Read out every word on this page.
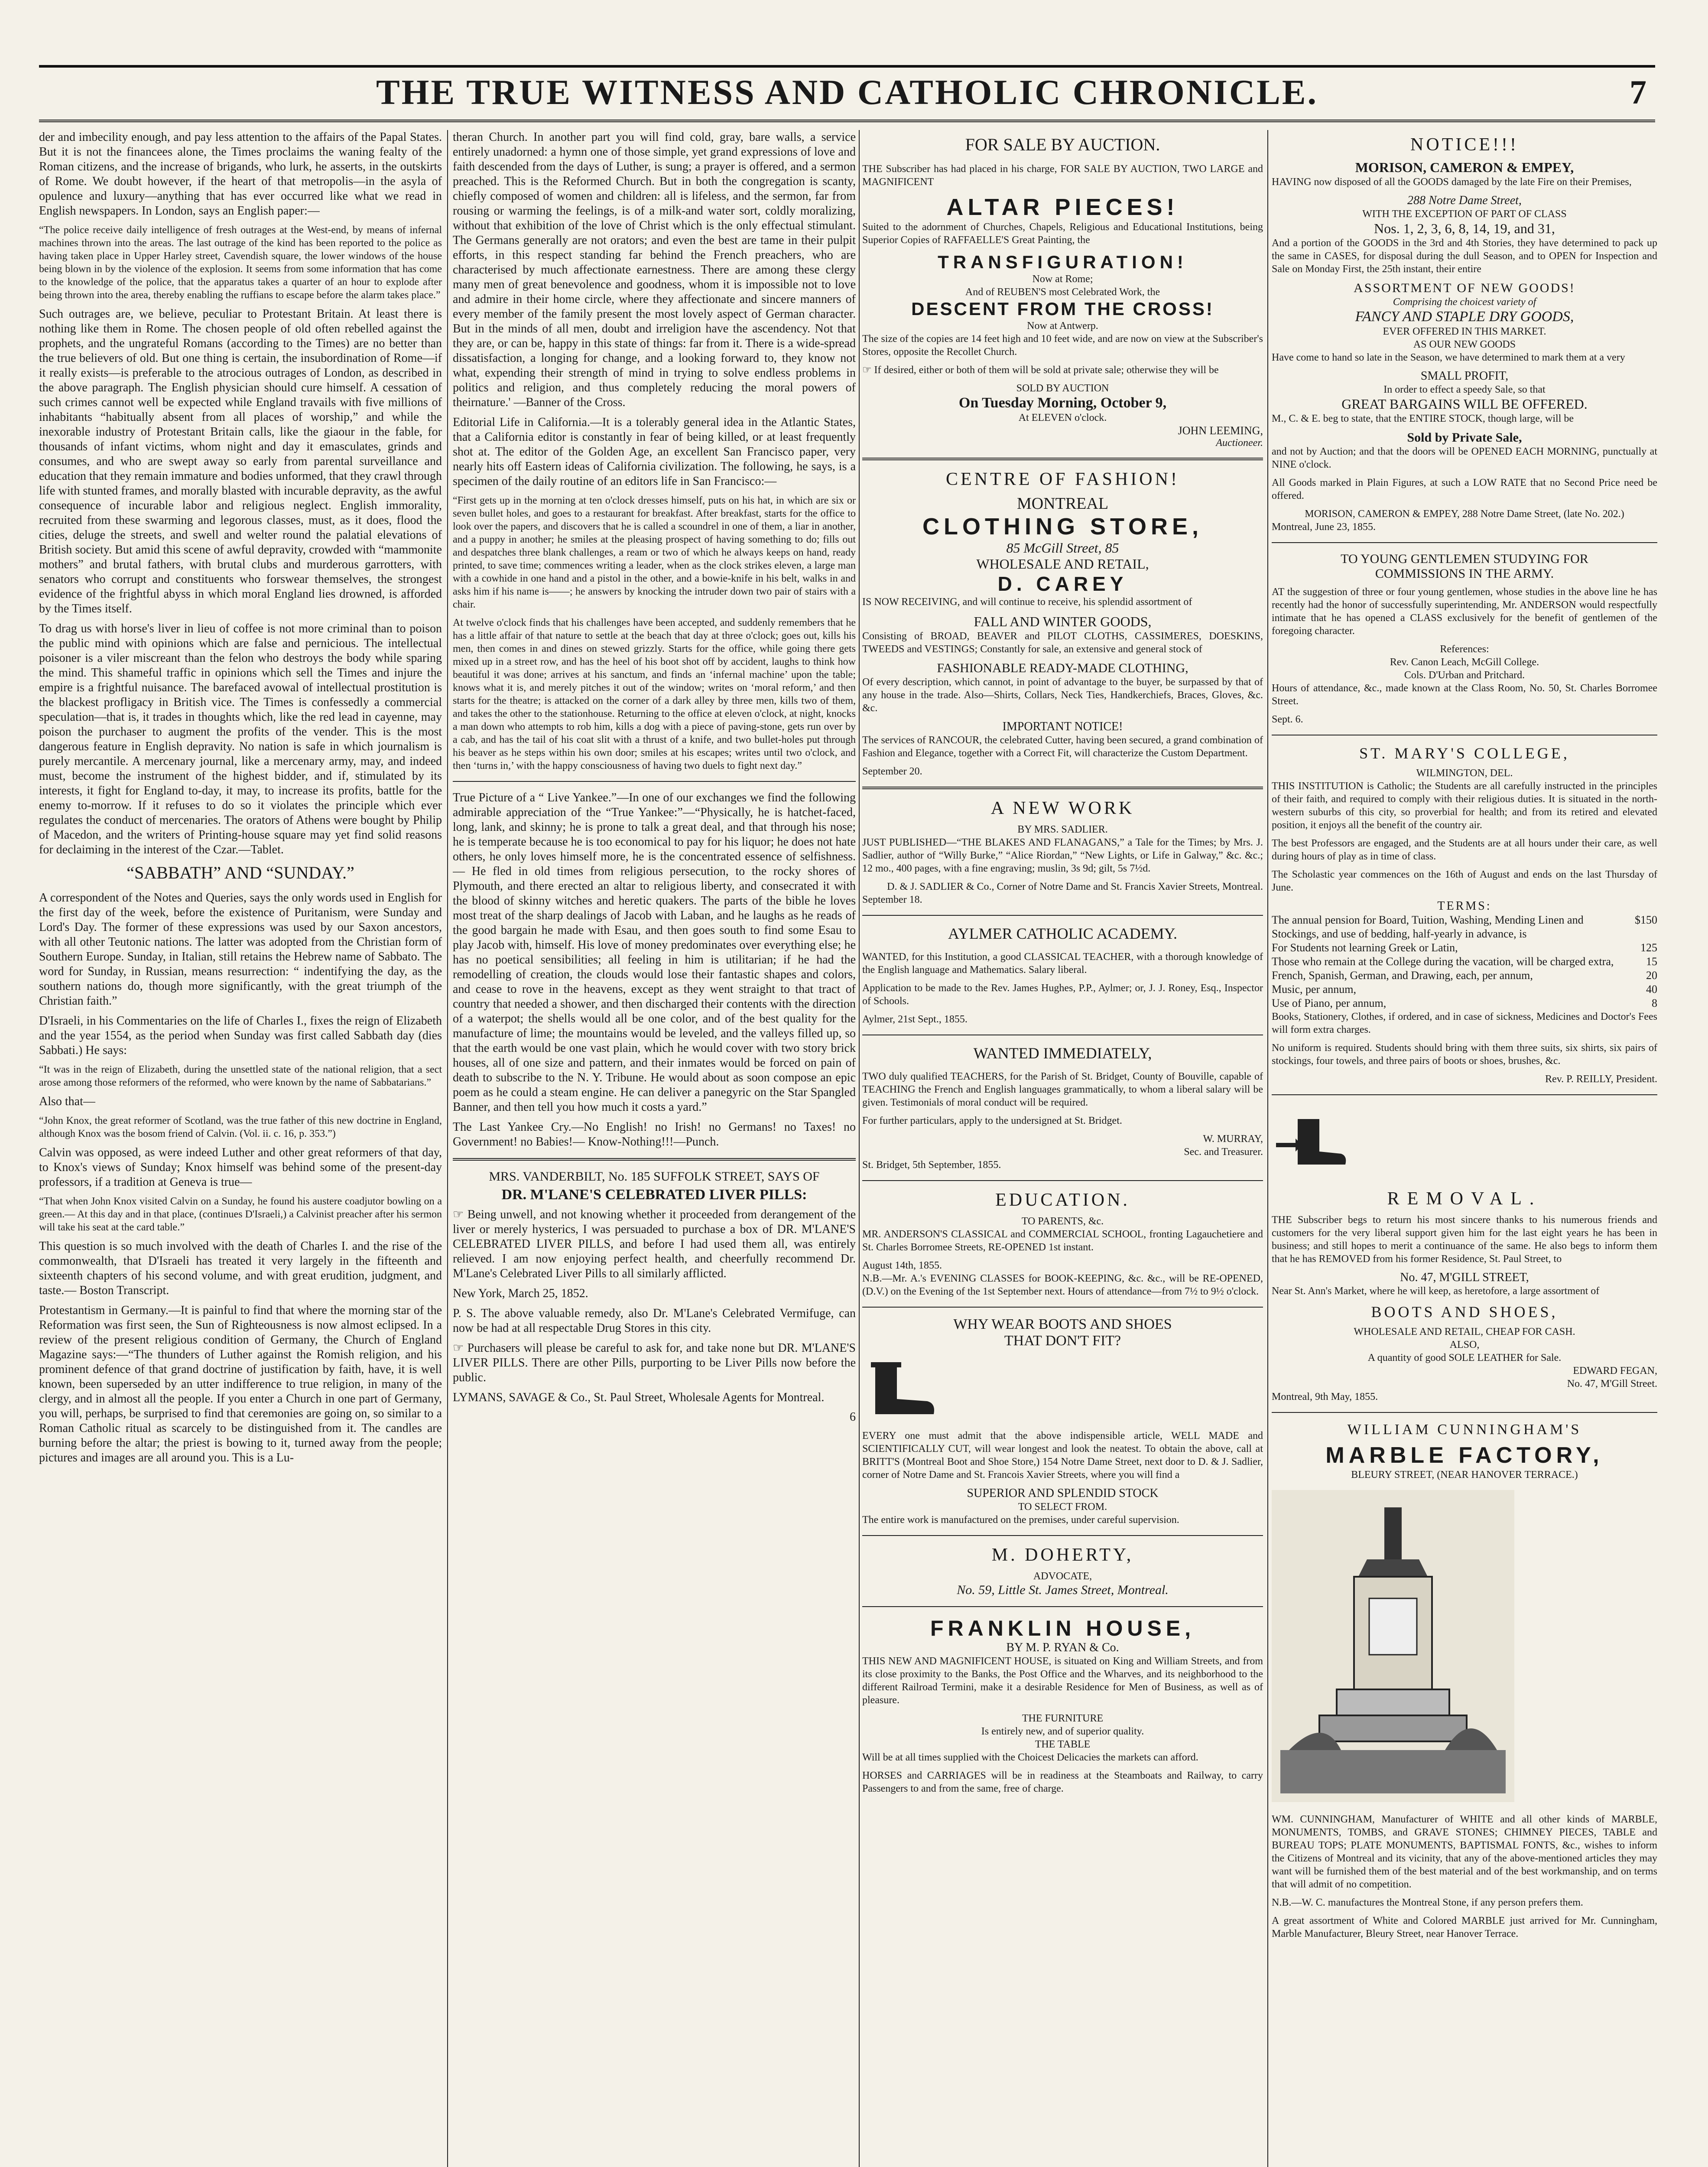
THE TRUE WITNESS AND CATHOLIC CHRONICLE.	7

der and imbecility enough, and pay less attention to the affairs of the Papal States. But it is not the financees alone, the Times proclaims the waning fealty of the Roman citizens, and the increase of brigands, who lurk, he asserts, in the outskirts of Rome. We doubt however, if the heart of that metropolis—in the asyla of opulence and luxury—anything that has ever occurred like what we read in English newspapers. In London, says an English paper:—

“The police receive daily intelligence of fresh outrages at the West-end, by means of infernal machines thrown into the areas. The last outrage of the kind has been reported to the police as having taken place in Upper Harley street, Cavendish square, the lower windows of the house being blown in by the violence of the explosion. It seems from some information that has come to the knowledge of the police, that the apparatus takes a quarter of an hour to explode after being thrown into the area, thereby enabling the ruffians to escape before the alarm takes place.”

Such outrages are, we believe, peculiar to Protestant Britain. At least there is nothing like them in Rome. The chosen people of old often rebelled against the prophets, and the ungrateful Romans (according to the Times) are no better than the true believers of old. But one thing is certain, the insubordination of Rome—if it really exists—is preferable to the atrocious outrages of London, as described in the above paragraph. The English physician should cure himself. A cessation of such crimes cannot well be expected while England travails with five millions of inhabitants “habitually absent from all places of worship,” and while the inexorable industry of Protestant Britain calls, like the giaour in the fable, for thousands of infant victims, whom night and day it emasculates, grinds and consumes, and who are swept away so early from parental surveillance and education that they remain immature and bodies unformed, that they crawl through life with stunted frames, and morally blasted with incurable depravity, as the awful consequence of incurable labor and religious neglect. English immorality, recruited from these swarming and legorous classes, must, as it does, flood the cities, deluge the streets, and swell and welter round the palatial elevations of British society. But amid this scene of awful depravity, crowded with “mammonite mothers” and brutal fathers, with brutal clubs and murderous garrotters, with senators who corrupt and constituents who forswear themselves, the strongest evidence of the frightful abyss in which moral England lies drowned, is afforded by the Times itself.

To drag us with horse's liver in lieu of coffee is not more criminal than to poison the public mind with opinions which are false and pernicious. The intellectual poisoner is a viler miscreant than the felon who destroys the body while sparing the mind. This shameful traffic in opinions which sell the Times and injure the empire is a frightful nuisance. The barefaced avowal of intellectual prostitution is the blackest profligacy in British vice. The Times is confessedly a commercial speculation—that is, it trades in thoughts which, like the red lead in cayenne, may poison the purchaser to augment the profits of the vender. This is the most dangerous feature in English depravity. No nation is safe in which journalism is purely mercantile. A mercenary journal, like a mercenary army, may, and indeed must, become the instrument of the highest bidder, and if, stimulated by its interests, it fight for England to-day, it may, to increase its profits, battle for the enemy to-morrow. If it refuses to do so it violates the principle which ever regulates the conduct of mercenaries. The orators of Athens were bought by Philip of Macedon, and the writers of Printing-house square may yet find solid reasons for declaiming in the interest of the Czar.—Tablet.

“SABBATH” AND “SUNDAY.”

A correspondent of the Notes and Queries, says the only words used in English for the first day of the week, before the existence of Puritanism, were Sunday and Lord's Day. The former of these expressions was used by our Saxon ancestors, with all other Teutonic nations. The latter was adopted from the Christian form of Southern Europe. Sunday, in Italian, still retains the Hebrew name of Sabbato. The word for Sunday, in Russian, means resurrection: “ indentifying the day, as the southern nations do, though more significantly, with the great triumph of the Christian faith.”

D'Israeli, in his Commentaries on the life of Charles I., fixes the reign of Elizabeth and the year 1554, as the period when Sunday was first called Sabbath day (dies Sabbati.) He says:

“It was in the reign of Elizabeth, during the unsettled state of the national religion, that a sect arose among those reformers of the reformed, who were known by the name of Sabbatarians.”

Also that—

“John Knox, the great reformer of Scotland, was the true father of this new doctrine in England, although Knox was the bosom friend of Calvin. (Vol. ii. c. 16, p. 353.”)

Calvin was opposed, as were indeed Luther and other great reformers of that day, to Knox's views of Sunday; Knox himself was behind some of the present-day professors, if a tradition at Geneva is true—

“That when John Knox visited Calvin on a Sunday, he found his austere coadjutor bowling on a green.— At this day and in that place, (continues D'Israeli,) a Calvinist preacher after his sermon will take his seat at the card table.”

This question is so much involved with the death of Charles I. and the rise of the commonwealth, that D'Israeli has treated it very largely in the fifteenth and sixteenth chapters of his second volume, and with great erudition, judgment, and taste.— Boston Transcript.

Protestantism in Germany.—It is painful to find that where the morning star of the Reformation was first seen, the Sun of Righteousness is now almost eclipsed. In a review of the present religious condition of Germany, the Church of England Magazine says:—“The thunders of Luther against the Romish religion, and his prominent defence of that grand doctrine of justification by faith, have, it is well known, been superseded by an utter indifference to true religion, in many of the clergy, and in almost all the people. If you enter a Church in one part of Germany, you will, perhaps, be surprised to find that ceremonies are going on, so similar to a Roman Catholic ritual as scarcely to be distinguished from it. The candles are burning before the altar; the priest is bowing to it, turned away from the people; pictures and images are all around you. This is a Lu-

theran Church. In another part you will find cold, gray, bare walls, a service entirely unadorned: a hymn one of those simple, yet grand expressions of love and faith descended from the days of Luther, is sung; a prayer is offered, and a sermon preached. This is the Reformed Church. But in both the congregation is scanty, chiefly composed of women and children: all is lifeless, and the sermon, far from rousing or warming the feelings, is of a milk-and water sort, coldly moralizing, without that exhibition of the love of Christ which is the only effectual stimulant. The Germans generally are not orators; and even the best are tame in their pulpit efforts, in this respect standing far behind the French preachers, who are characterised by much affectionate earnestness. There are among these clergy many men of great benevolence and goodness, whom it is impossible not to love and admire in their home circle, where they affectionate and sincere manners of every member of the family present the most lovely aspect of German character. But in the minds of all men, doubt and irreligion have the ascendency. Not that they are, or can be, happy in this state of things: far from it. There is a wide-spread dissatisfaction, a longing for change, and a looking forward to, they know not what, expending their strength of mind in trying to solve endless problems in politics and religion, and thus completely reducing the moral powers of theirnature.' —Banner of the Cross.

Editorial Life in California.—It is a tolerably general idea in the Atlantic States, that a California editor is constantly in fear of being killed, or at least frequently shot at. The editor of the Golden Age, an excellent San Francisco paper, very nearly hits off Eastern ideas of California civilization. The following, he says, is a specimen of the daily routine of an editors life in San Francisco:—

“First gets up in the morning at ten o'clock dresses himself, puts on his hat, in which are six or seven bullet holes, and goes to a restaurant for breakfast. After breakfast, starts for the office to look over the papers, and discovers that he is called a scoundrel in one of them, a liar in another, and a puppy in another; he smiles at the pleasing prospect of having something to do; fills out and despatches three blank challenges, a ream or two of which he always keeps on hand, ready printed, to save time; commences writing a leader, when as the clock strikes eleven, a large man with a cowhide in one hand and a pistol in the other, and a bowie-knife in his belt, walks in and asks him if his name is——; he answers by knocking the intruder down two pair of stairs with a chair.

At twelve o'clock finds that his challenges have been accepted, and suddenly remembers that he has a little affair of that nature to settle at the beach that day at three o'clock; goes out, kills his men, then comes in and dines on stewed grizzly. Starts for the office, while going there gets mixed up in a street row, and has the heel of his boot shot off by accident, laughs to think how beautiful it was done; arrives at his sanctum, and finds an ‘infernal machine’ upon the table; knows what it is, and merely pitches it out of the window; writes on ‘moral reform,’ and then starts for the theatre; is attacked on the corner of a dark alley by three men, kills two of them, and takes the other to the stationhouse. Returning to the office at eleven o'clock, at night, knocks a man down who attempts to rob him, kills a dog with a piece of paving-stone, gets run over by a cab, and has the tail of his coat slit with a thrust of a knife, and two bullet-holes put through his beaver as he steps within his own door; smiles at his escapes; writes until two o'clock, and then ‘turns in,’ with the happy consciousness of having two duels to fight next day.”

True Picture of a “ Live Yankee.”—In one of our exchanges we find the following admirable appreciation of the “True Yankee:”—“Physically, he is hatchet-faced, long, lank, and skinny; he is prone to talk a great deal, and that through his nose; he is temperate because he is too economical to pay for his liquor; he does not hate others, he only loves himself more, he is the concentrated essence of selfishness.— He fled in old times from religious persecution, to the rocky shores of Plymouth, and there erected an altar to religious liberty, and consecrated it with the blood of skinny witches and heretic quakers. The parts of the bible he loves most treat of the sharp dealings of Jacob with Laban, and he laughs as he reads of the good bargain he made with Esau, and then goes south to find some Esau to play Jacob with, himself. His love of money predominates over everything else; he has no poetical sensibilities; all feeling in him is utilitarian; if he had the remodelling of creation, the clouds would lose their fantastic shapes and colors, and cease to rove in the heavens, except as they went straight to that tract of country that needed a shower, and then discharged their contents with the direction of a waterpot; the shells would all be one color, and of the best quality for the manufacture of lime; the mountains would be leveled, and the valleys filled up, so that the earth would be one vast plain, which he would cover with two story brick houses, all of one size and pattern, and their inmates would be forced on pain of death to subscribe to the N. Y. Tribune. He would about as soon compose an epic poem as he could a steam engine. He can deliver a panegyric on the Star Spangled Banner, and then tell you how much it costs a yard.”

The Last Yankee Cry.—No English! no Irish! no Germans! no Taxes! no Government! no Babies!— Know-Nothing!!!—Punch.

MRS. VANDERBILT, No. 185 SUFFOLK STREET, SAYS OF
DR. M'LANE'S CELEBRATED LIVER PILLS:

☞ Being unwell, and not knowing whether it proceeded from derangement of the liver or merely hysterics, I was persuaded to purchase a box of DR. M'LANE'S CELEBRATED LIVER PILLS, and before I had used them all, was entirely relieved. I am now enjoying perfect health, and cheerfully recommend Dr. M'Lane's Celebrated Liver Pills to all similarly afflicted.

New York, March 25, 1852.

P. S. The above valuable remedy, also Dr. M'Lane's Celebrated Vermifuge, can now be had at all respectable Drug Stores in this city.

☞ Purchasers will please be careful to ask for, and take none but DR. M'LANE'S LIVER PILLS. There are other Pills, purporting to be Liver Pills now before the public.

LYMANS, SAVAGE & Co., St. Paul Street, Wholesale Agents for Montreal.

6
FOR SALE BY AUCTION.

THE Subscriber has had placed in his charge, FOR SALE BY AUCTION, TWO LARGE and MAGNIFICENT

ALTAR PIECES!

Suited to the adornment of Churches, Chapels, Religious and Educational Institutions, being Superior Copies of RAFFAELLE'S Great Painting, the

TRANSFIGURATION!
Now at Rome;
And of REUBEN'S most Celebrated Work, the
DESCENT FROM THE CROSS!
Now at Antwerp.

The size of the copies are 14 feet high and 10 feet wide, and are now on view at the Subscriber's Stores, opposite the Recollet Church.

☞ If desired, either or both of them will be sold at private sale; otherwise they will be

SOLD BY AUCTION
On Tuesday Morning, October 9,
At ELEVEN o'clock.
JOHN LEEMING,
Auctioneer.
CENTRE OF FASHION!
MONTREAL
CLOTHING STORE,
85 McGill Street, 85
WHOLESALE AND RETAIL,
D. CAREY

IS NOW RECEIVING, and will continue to receive, his splendid assortment of

FALL AND WINTER GOODS,

Consisting of BROAD, BEAVER and PILOT CLOTHS, CASSIMERES, DOESKINS, TWEEDS and VESTINGS; Constantly for sale, an extensive and general stock of

FASHIONABLE READY-MADE CLOTHING,

Of every description, which cannot, in point of advantage to the buyer, be surpassed by that of any house in the trade. Also—Shirts, Collars, Neck Ties, Handkerchiefs, Braces, Gloves, &c. &c.

IMPORTANT NOTICE!

The services of RANCOUR, the celebrated Cutter, having been secured, a grand combination of Fashion and Elegance, together with a Correct Fit, will characterize the Custom Department.

September 20.
A NEW WORK
BY MRS. SADLIER.

JUST PUBLISHED—“THE BLAKES AND FLANAGANS,” a Tale for the Times; by Mrs. J. Sadlier, author of “Willy Burke,” “Alice Riordan,” “New Lights, or Life in Galway,” &c. &c.; 12 mo., 400 pages, with a fine engraving; muslin, 3s 9d; gilt, 5s 7½d.

D. & J. SADLIER & Co., Corner of Notre Dame and St. Francis Xavier Streets, Montreal.
September 18.
AYLMER CATHOLIC ACADEMY.

WANTED, for this Institution, a good CLASSICAL TEACHER, with a thorough knowledge of the English language and Mathematics. Salary liberal.

Application to be made to the Rev. James Hughes, P.P., Aylmer; or, J. J. Roney, Esq., Inspector of Schools.

Aylmer, 21st Sept., 1855.
WANTED IMMEDIATELY,

TWO duly qualified TEACHERS, for the Parish of St. Bridget, County of Bouville, capable of TEACHING the French and English languages grammatically, to whom a liberal salary will be given. Testimonials of moral conduct will be required.

For further particulars, apply to the undersigned at St. Bridget.

W. MURRAY,
Sec. and Treasurer.
St. Bridget, 5th September, 1855.
EDUCATION.
TO PARENTS, &c.

MR. ANDERSON'S CLASSICAL and COMMERCIAL SCHOOL, fronting Lagauchetiere and St. Charles Borromee Streets, RE-OPENED 1st instant.

August 14th, 1855.

N.B.—Mr. A.'s EVENING CLASSES for BOOK-KEEPING, &c. &c., will be RE-OPENED, (D.V.) on the Evening of the 1st September next. Hours of attendance—from 7½ to 9½ o'clock.

WHY WEAR BOOTS AND SHOES
THAT DON'T FIT?

EVERY one must admit that the above indispensible article, WELL MADE and SCIENTIFICALLY CUT, will wear longest and look the neatest. To obtain the above, call at BRITT'S (Montreal Boot and Shoe Store,) 154 Notre Dame Street, next door to D. & J. Sadlier, corner of Notre Dame and St. Francois Xavier Streets, where you will find a

SUPERIOR AND SPLENDID STOCK
TO SELECT FROM.

The entire work is manufactured on the premises, under careful supervision.

M. DOHERTY,
ADVOCATE,
No. 59, Little St. James Street, Montreal.
FRANKLIN HOUSE,
BY M. P. RYAN & Co.

THIS NEW AND MAGNIFICENT HOUSE, is situated on King and William Streets, and from its close proximity to the Banks, the Post Office and the Wharves, and its neighborhood to the different Railroad Termini, make it a desirable Residence for Men of Business, as well as of pleasure.

THE FURNITURE
Is entirely new, and of superior quality.
THE TABLE

Will be at all times supplied with the Choicest Delicacies the markets can afford.

HORSES and CARRIAGES will be in readiness at the Steamboats and Railway, to carry Passengers to and from the same, free of charge.

NOTICE!!!
MORISON, CAMERON & EMPEY,

HAVING now disposed of all the GOODS damaged by the late Fire on their Premises,

288 Notre Dame Street,
WITH THE EXCEPTION OF PART OF CLASS
Nos. 1, 2, 3, 6, 8, 14, 19, and 31,

And a portion of the GOODS in the 3rd and 4th Stories, they have determined to pack up the same in CASES, for disposal during the dull Season, and to OPEN for Inspection and Sale on Monday First, the 25th instant, their entire

ASSORTMENT OF NEW GOODS!
Comprising the choicest variety of
FANCY AND STAPLE DRY GOODS,
EVER OFFERED IN THIS MARKET.
AS OUR NEW GOODS

Have come to hand so late in the Season, we have determined to mark them at a very

SMALL PROFIT,
In order to effect a speedy Sale, so that
GREAT BARGAINS WILL BE OFFERED.

M., C. & E. beg to state, that the ENTIRE STOCK, though large, will be

Sold by Private Sale,

and not by Auction; and that the doors will be OPENED EACH MORNING, punctually at NINE o'clock.

All Goods marked in Plain Figures, at such a LOW RATE that no Second Price need be offered.

MORISON, CAMERON & EMPEY, 288 Notre Dame Street, (late No. 202.)
Montreal, June 23, 1855.
TO YOUNG GENTLEMEN STUDYING FOR
COMMISSIONS IN THE ARMY.

AT the suggestion of three or four young gentlemen, whose studies in the above line he has recently had the honor of successfully superintending, Mr. ANDERSON would respectfully intimate that he has opened a CLASS exclusively for the benefit of gentlemen of the foregoing character.

References:
Rev. Canon Leach, McGill College.
Cols. D'Urban and Pritchard.

Hours of attendance, &c., made known at the Class Room, No. 50, St. Charles Borromee Street.

Sept. 6.
ST. MARY'S COLLEGE,
WILMINGTON, DEL.

THIS INSTITUTION is Catholic; the Students are all carefully instructed in the principles of their faith, and required to comply with their religious duties. It is situated in the north-western suburbs of this city, so proverbial for health; and from its retired and elevated position, it enjoys all the benefit of the country air.

The best Professors are engaged, and the Students are at all hours under their care, as well during hours of play as in time of class.

The Scholastic year commences on the 16th of August and ends on the last Thursday of June.

TERMS:
The annual pension for Board, Tuition, Washing, Mending Linen and Stockings, and use of bedding, half-yearly in advance, is
$150
For Students not learning Greek or Latin,	125
Those who remain at the College during the vacation, will be charged extra,	15
French, Spanish, German, and Drawing, each, per annum,	20
Music, per annum,	40
Use of Piano, per annum,	8

Books, Stationery, Clothes, if ordered, and in case of sickness, Medicines and Doctor's Fees will form extra charges.

No uniform is required. Students should bring with them three suits, six shirts, six pairs of stockings, four towels, and three pairs of boots or shoes, brushes, &c.

Rev. P. REILLY, President.
REMOVAL.

THE Subscriber begs to return his most sincere thanks to his numerous friends and customers for the very liberal support given him for the last eight years he has been in business; and still hopes to merit a continuance of the same. He also begs to inform them that he has REMOVED from his former Residence, St. Paul Street, to

No. 47, M'GILL STREET,

Near St. Ann's Market, where he will keep, as heretofore, a large assortment of

BOOTS AND SHOES,
WHOLESALE AND RETAIL, CHEAP FOR CASH.
ALSO,
A quantity of good SOLE LEATHER for Sale.
EDWARD FEGAN,
No. 47, M'Gill Street.
Montreal, 9th May, 1855.
WILLIAM CUNNINGHAM'S
MARBLE FACTORY,
BLEURY STREET, (NEAR HANOVER TERRACE.)

WM. CUNNINGHAM, Manufacturer of WHITE and all other kinds of MARBLE, MONUMENTS, TOMBS, and GRAVE STONES; CHIMNEY PIECES, TABLE and BUREAU TOPS; PLATE MONUMENTS, BAPTISMAL FONTS, &c., wishes to inform the Citizens of Montreal and its vicinity, that any of the above-mentioned articles they may want will be furnished them of the best material and of the best workmanship, and on terms that will admit of no competition.

N.B.—W. C. manufactures the Montreal Stone, if any person prefers them.

A great assortment of White and Colored MARBLE just arrived for Mr. Cunningham, Marble Manufacturer, Bleury Street, near Hanover Terrace.
